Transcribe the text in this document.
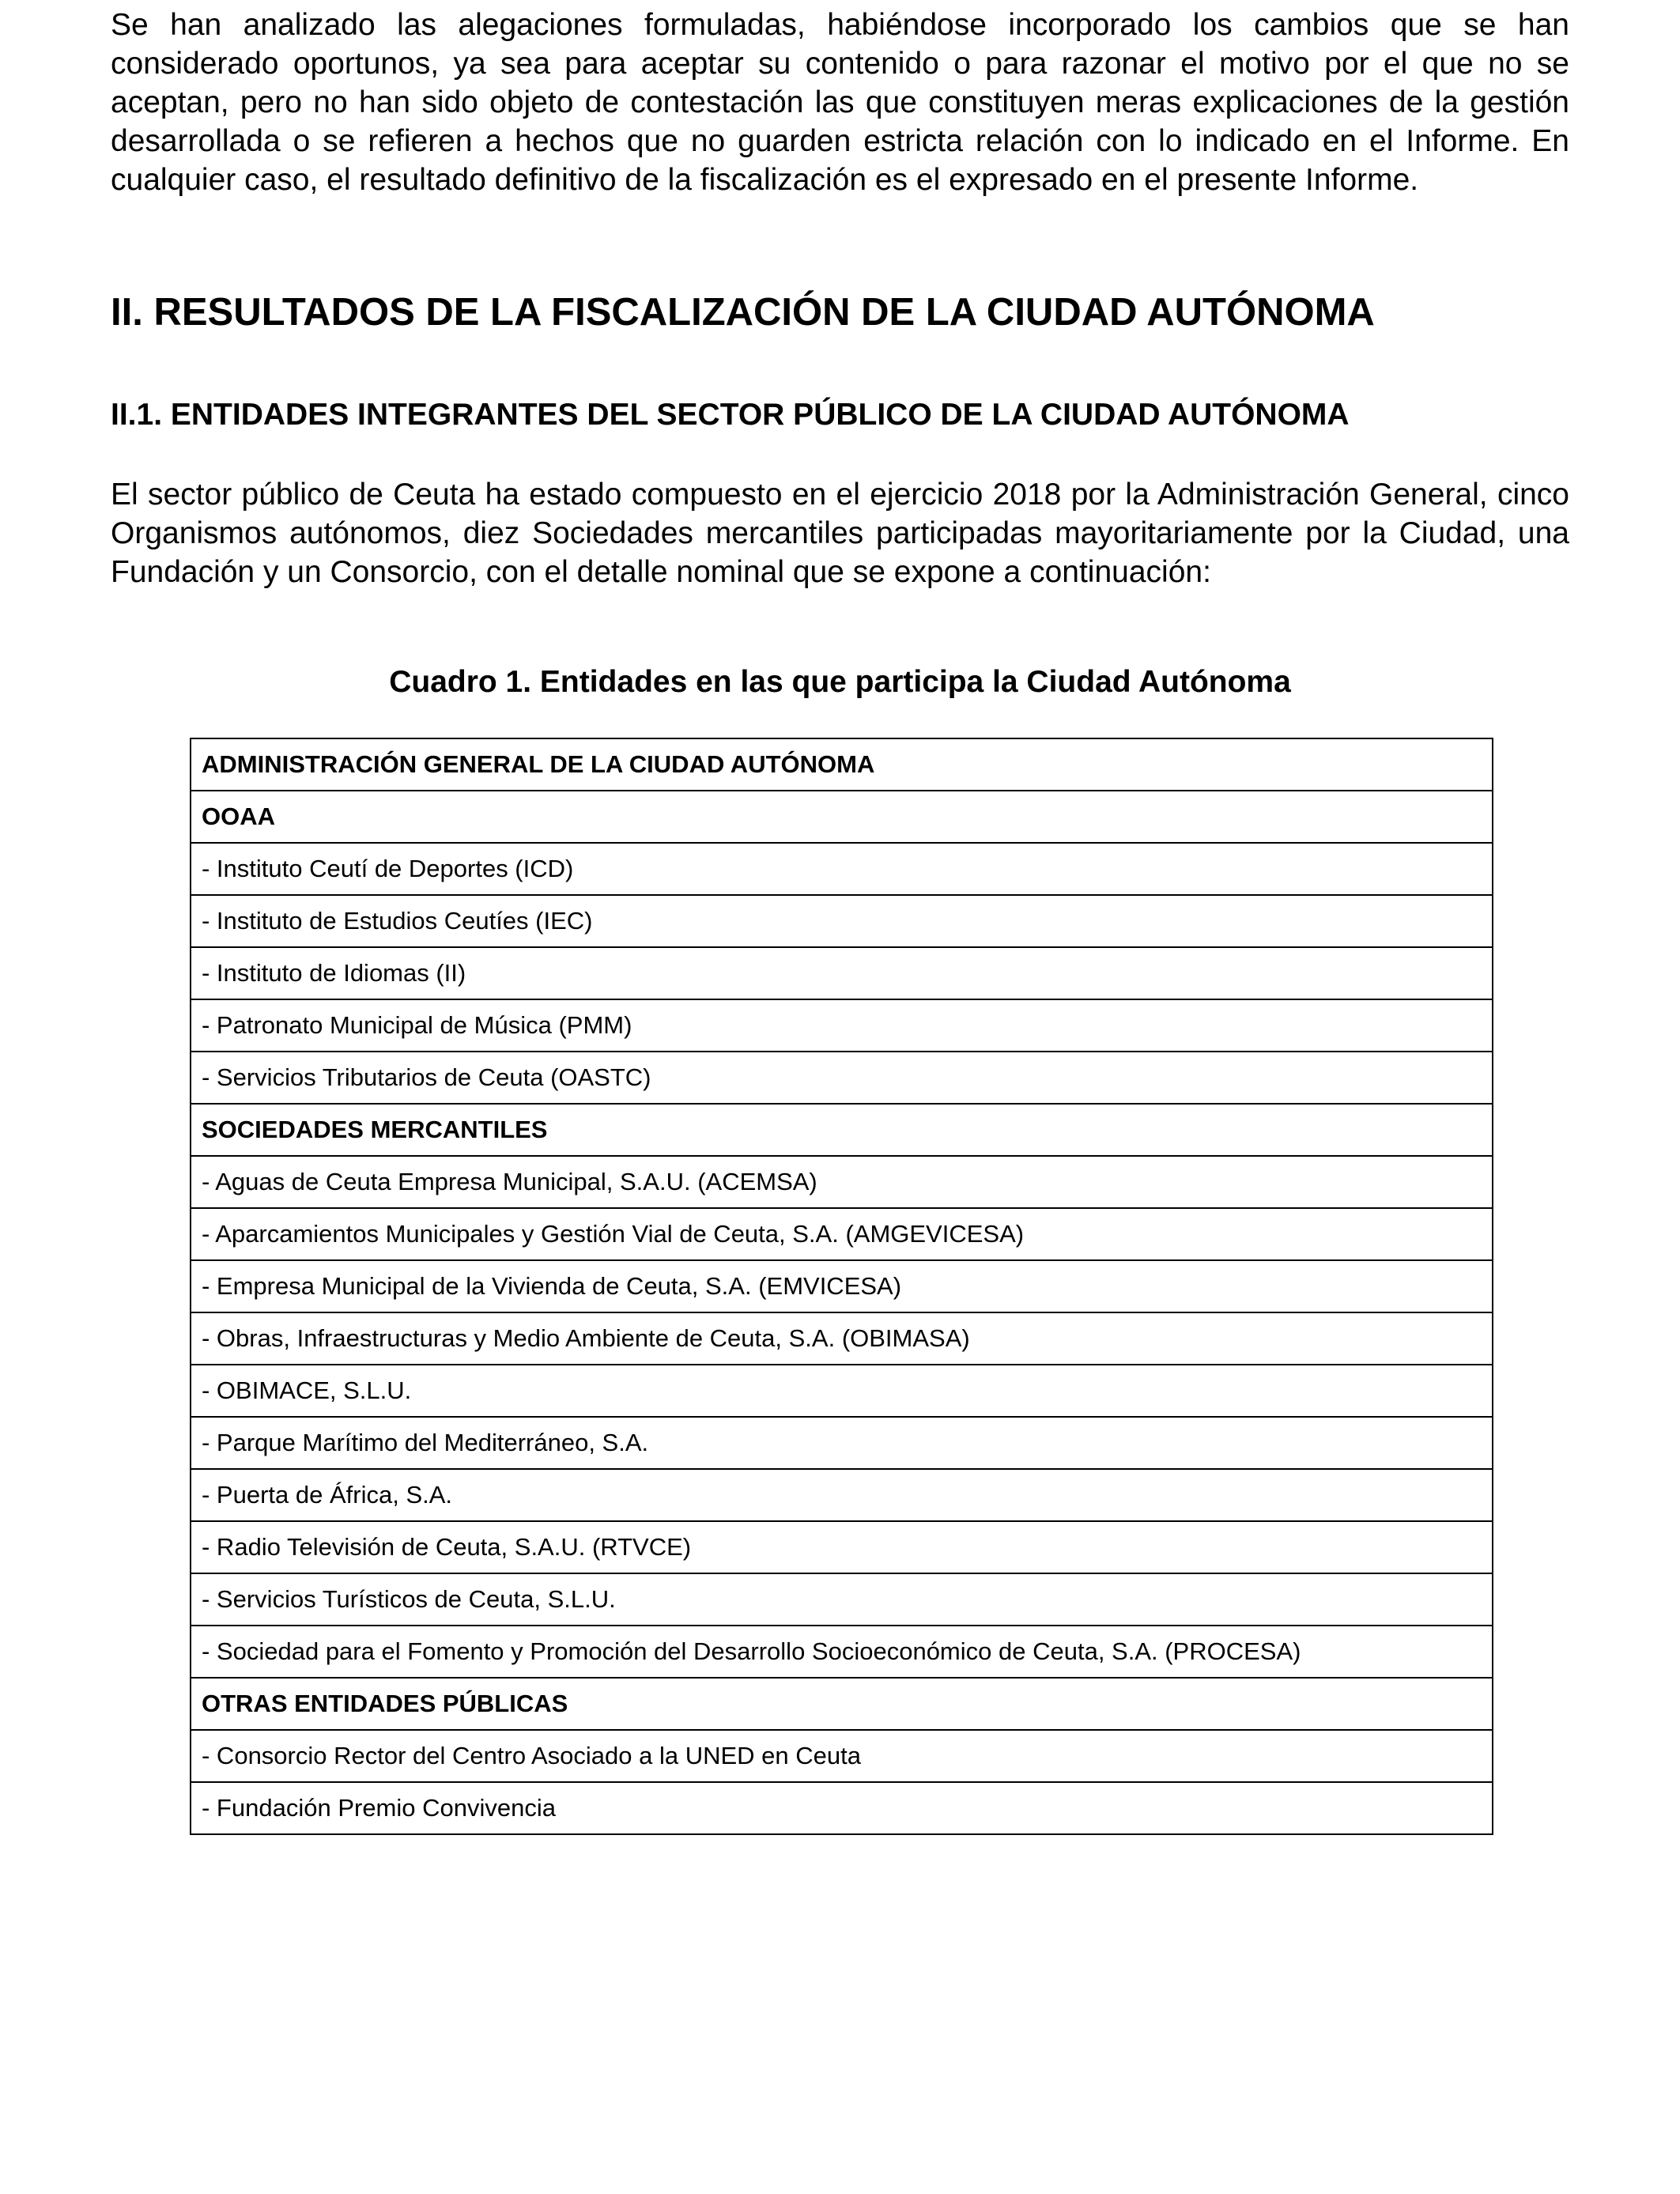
Se han analizado las alegaciones formuladas, habiéndose incorporado los cambios que se han considerado oportunos, ya sea para aceptar su contenido o para razonar el motivo por el que no se aceptan, pero no han sido objeto de contestación las que constituyen meras explicaciones de la gestión desarrollada o se refieren a hechos que no guarden estricta relación con lo indicado en el Informe. En cualquier caso, el resultado definitivo de la fiscalización es el expresado en el presente Informe.

II. RESULTADOS DE LA FISCALIZACIÓN DE LA CIUDAD AUTÓNOMA
II.1. ENTIDADES INTEGRANTES DEL SECTOR PÚBLICO DE LA CIUDAD AUTÓNOMA

El sector público de Ceuta ha estado compuesto en el ejercicio 2018 por la Administración General, cinco Organismos autónomos, diez Sociedades mercantiles participadas mayoritariamente por la Ciudad, una Fundación y un Consorcio, con el detalle nominal que se expone a continuación:

Cuadro 1. Entidades en las que participa la Ciudad Autónoma

ADMINISTRACIÓN GENERAL DE LA CIUDAD AUTÓNOMA
OOAA
- Instituto Ceutí de Deportes (ICD)
- Instituto de Estudios Ceutíes (IEC)
- Instituto de Idiomas (II)
- Patronato Municipal de Música (PMM)
- Servicios Tributarios de Ceuta (OASTC)
SOCIEDADES MERCANTILES
- Aguas de Ceuta Empresa Municipal, S.A.U. (ACEMSA)
- Aparcamientos Municipales y Gestión Vial de Ceuta, S.A. (AMGEVICESA)
- Empresa Municipal de la Vivienda de Ceuta, S.A. (EMVICESA)
- Obras, Infraestructuras y Medio Ambiente de Ceuta, S.A. (OBIMASA)
- OBIMACE, S.L.U.
- Parque Marítimo del Mediterráneo, S.A.
- Puerta de África, S.A.
- Radio Televisión de Ceuta, S.A.U. (RTVCE)
- Servicios Turísticos de Ceuta, S.L.U.
- Sociedad para el Fomento y Promoción del Desarrollo Socioeconómico de Ceuta, S.A. (PROCESA)
OTRAS ENTIDADES PÚBLICAS
- Consorcio Rector del Centro Asociado a la UNED en Ceuta
- Fundación Premio Convivencia
